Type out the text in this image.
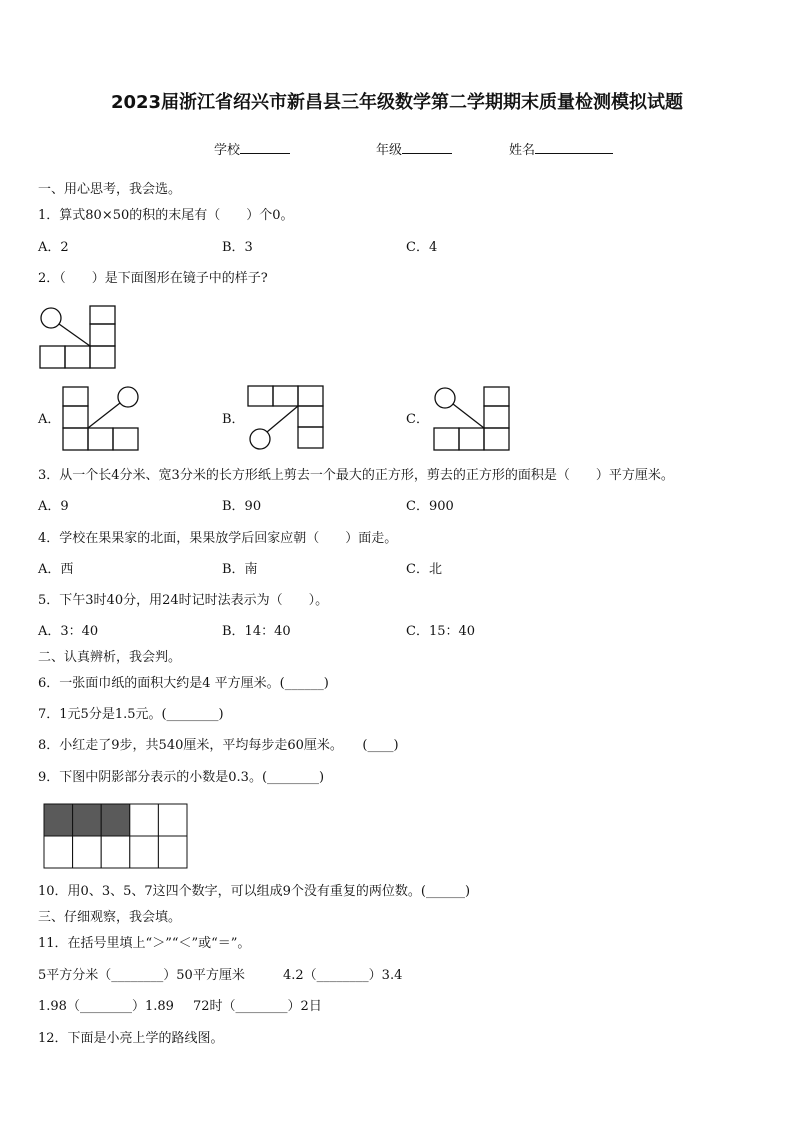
2023届浙江省绍兴市新昌县三年级数学第二学期期末质量检测模拟试题
学校	年级	姓名
一、用心思考，我会选。
1．算式80×50的积的末尾有（　　）个0。
A．2	B．3	C．4
2．（　　）是下面图形在镜子中的样子?
A．	B．	C．
3．从一个长4分米、宽3分米的长方形纸上剪去一个最大的正方形，剪去的正方形的面积是（　　）平方厘米。
A．9	B．90	C．900
4．学校在果果家的北面，果果放学后回家应朝（　　）面走。
A．西	B．南	C．北
5．下午3时40分，用24时记时法表示为（　　）。
A．3：40	B．14：40	C．15：40
二、认真辨析，我会判。
6．一张面巾纸的面积大约是4 平方厘米。(______)
7．1元5分是1.5元。(________)
8．小红走了9步，共540厘米，平均每步走60厘米。　　(____)
9．下图中阴影部分表示的小数是0.3。(________)
10．用0、3、5、7这四个数字，可以组成9个没有重复的两位数。(______)
三、仔细观察，我会填。
11．在括号里填上“＞”“＜”或“＝”。
5平方分米（________）50平方厘米	4.2（________）3.4
1.98（________）1.89 72时（________）2日
12．下面是小亮上学的路线图。
